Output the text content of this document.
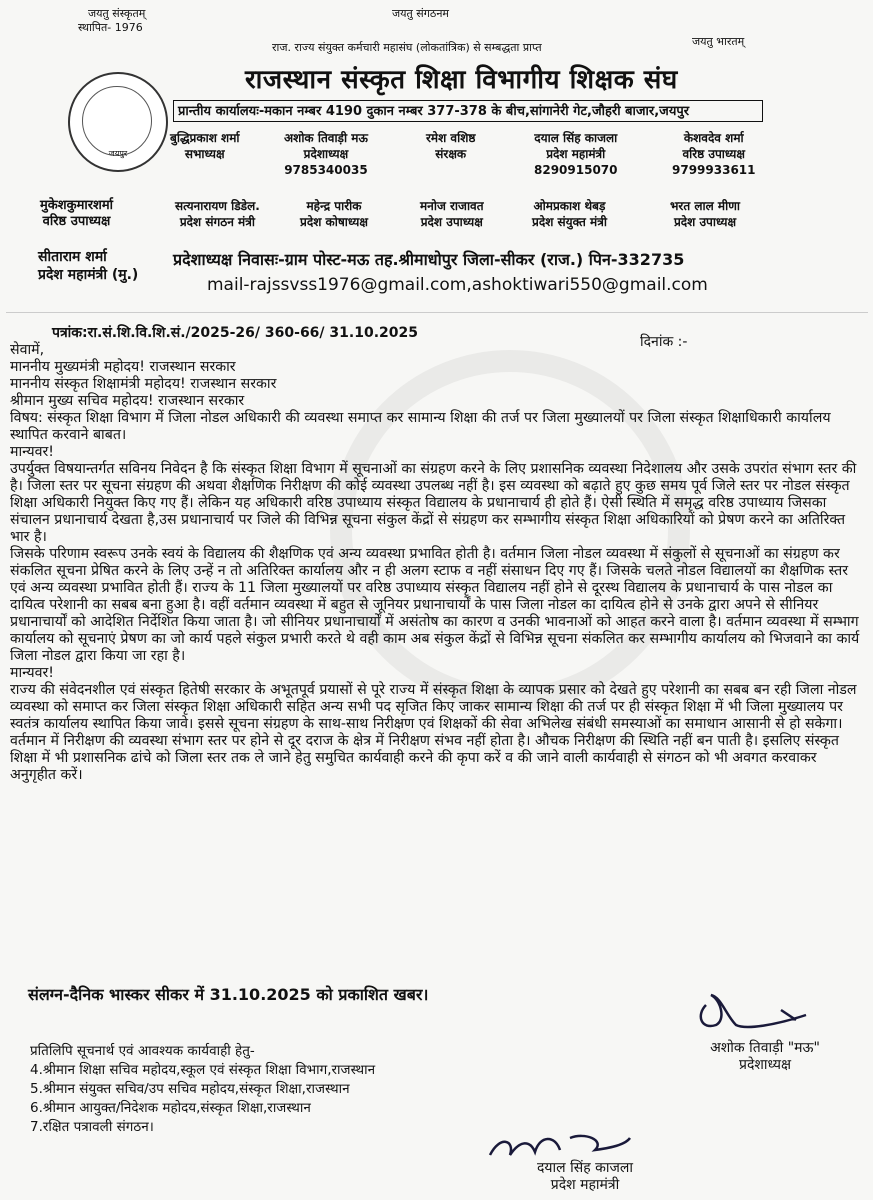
जयतु संस्कृतम्
स्थापित- 1976
जयतु संगठनम
जयतु भारतम्
राज. राज्य संयुक्त कर्मचारी महासंघ (लोकतांत्रिक) से सम्बद्धता प्राप्त
जयपुर
राजस्थान संस्कृत शिक्षा विभागीय शिक्षक संघ
प्रान्तीय कार्यालयः-मकान नम्बर 4190 दुकान नम्बर 377-378 के बीच,सांगानेरी गेट,जौहरी बाजार,जयपुर
बुद्धिप्रकाश शर्मा
सभाध्यक्ष
अशोक तिवाड़ी मऊ
प्रदेशाध्यक्ष
9785340035
रमेश वशिष्ठ
संरक्षक
दयाल सिंह काजला
प्रदेश महामंत्री
8290915070
केशवदेव शर्मा
वरिष्ठ उपाध्यक्ष
9799933611
मुकेशकुमारशर्मा
वरिष्ठ उपाध्यक्ष
सत्यनारायण डिडेल.
प्रदेश संगठन मंत्री
महेन्द्र पारीक
प्रदेश कोषाध्यक्ष
मनोज राजावत
प्रदेश उपाध्यक्ष
ओमप्रकाश थेबड़
प्रदेश संयुक्त मंत्री
भरत लाल मीणा
प्रदेश उपाध्यक्ष
सीताराम शर्मा
प्रदेश महामंत्री (मु.)
प्रदेशाध्यक्ष निवासः-ग्राम पोस्ट-मऊ तह.श्रीमाधोपुर जिला-सीकर (राज.) पिन-332735
mail-rajssvss1976@gmail.com,ashoktiwari550@gmail.com
पत्रांक:रा.सं.शि.वि.शि.सं./2025-26/ 360-66/ 31.10.2025
दिनांक :-

सेवामें,

माननीय मुख्यमंत्री महोदय! राजस्थान सरकार

माननीय संस्कृत शिक्षामंत्री महोदय! राजस्थान सरकार

श्रीमान मुख्य सचिव महोदय! राजस्थान सरकार

विषय: संस्कृत शिक्षा विभाग में जिला नोडल अधिकारी की व्यवस्था समाप्त कर सामान्य शिक्षा की तर्ज पर जिला मुख्यालयों पर जिला संस्कृत शिक्षाधिकारी कार्यालय स्थापित करवाने बाबत।

मान्यवर!

उपर्युक्त विषयान्तर्गत सविनय निवेदन है कि संस्कृत शिक्षा विभाग में सूचनाओं का संग्रहण करने के लिए प्रशासनिक व्यवस्था निदेशालय और उसके उपरांत संभाग स्तर की है। जिला स्तर पर सूचना संग्रहण की अथवा शैक्षणिक निरीक्षण की कोई व्यवस्था उपलब्ध नहीं है। इस व्यवस्था को बढ़ाते हुए कुछ समय पूर्व जिले स्तर पर नोडल संस्कृत शिक्षा अधिकारी नियुक्त किए गए हैं। लेकिन यह अधिकारी वरिष्ठ उपाध्याय संस्कृत विद्यालय के प्रधानाचार्य ही होते हैं। ऐसी स्थिति में समृद्ध वरिष्ठ उपाध्याय जिसका संचालन प्रधानाचार्य देखता है,उस प्रधानाचार्य पर जिले की विभिन्न सूचना संकुल केंद्रों से संग्रहण कर सम्भागीय संस्कृत शिक्षा अधिकारियों को प्रेषण करने का अतिरिक्त भार है।

जिसके परिणाम स्वरूप उनके स्वयं के विद्यालय की शैक्षणिक एवं अन्य व्यवस्था प्रभावित होती है। वर्तमान जिला नोडल व्यवस्था में संकुलों से सूचनाओं का संग्रहण कर संकलित सूचना प्रेषित करने के लिए उन्हें न तो अतिरिक्त कार्यालय और न ही अलग स्टाफ व नहीं संसाधन दिए गए हैं। जिसके चलते नोडल विद्यालयों का शैक्षणिक स्तर एवं अन्य व्यवस्था प्रभावित होती हैं। राज्य के 11 जिला मुख्यालयों पर वरिष्ठ उपाध्याय संस्कृत विद्यालय नहीं होने से दूरस्थ विद्यालय के प्रधानाचार्य के पास नोडल का दायित्व परेशानी का सबब बना हुआ है। वहीं वर्तमान व्यवस्था में बहुत से जूनियर प्रधानाचार्यों के पास जिला नोडल का दायित्व होने से उनके द्वारा अपने से सीनियर प्रधानाचार्यों को आदेशित निर्देशित किया जाता है। जो सीनियर प्रधानाचार्यों में असंतोष का कारण व उनकी भावनाओं को आहत करने वाला है। वर्तमान व्यवस्था में सम्भाग कार्यालय को सूचनाएं प्रेषण का जो कार्य पहले संकुल प्रभारी करते थे वही काम अब संकुल केंद्रों से विभिन्न सूचना संकलित कर सम्भागीय कार्यालय को भिजवाने का कार्य जिला नोडल द्वारा किया जा रहा है।

मान्यवर!

राज्य की संवेदनशील एवं संस्कृत हितेषी सरकार के अभूतपूर्व प्रयासों से पूरे राज्य में संस्कृत शिक्षा के व्यापक प्रसार को देखते हुए परेशानी का सबब बन रही जिला नोडल व्यवस्था को समाप्त कर जिला संस्कृत शिक्षा अधिकारी सहित अन्य सभी पद सृजित किए जाकर सामान्य शिक्षा की तर्ज पर ही संस्कृत शिक्षा में भी जिला मुख्यालय पर स्वतंत्र कार्यालय स्थापित किया जावे। इससे सूचना संग्रहण के साथ-साथ निरीक्षण एवं शिक्षकों की सेवा अभिलेख संबंधी समस्याओं का समाधान आसानी से हो सकेगा। वर्तमान में निरीक्षण की व्यवस्था संभाग स्तर पर होने से दूर दराज के क्षेत्र में निरीक्षण संभव नहीं होता है। औचक निरीक्षण की स्थिति नहीं बन पाती है। इसलिए संस्कृत शिक्षा में भी प्रशासनिक ढांचे को जिला स्तर तक ले जाने हेतु समुचित कार्यवाही करने की कृपा करें व की जाने वाली कार्यवाही से संगठन को भी अवगत करवाकर अनुगृहीत करें।

संलग्न-दैनिक भास्कर सीकर में 31.10.2025 को प्रकाशित खबर।
अशोक तिवाड़ी "मऊ"
प्रदेशाध्यक्ष
प्रतिलिपि सूचनार्थ एवं आवश्यक कार्यवाही हेतु-
4.श्रीमान शिक्षा सचिव महोदय,स्कूल एवं संस्कृत शिक्षा विभाग,राजस्थान
5.श्रीमान संयुक्त सचिव/उप सचिव महोदय,संस्कृत शिक्षा,राजस्थान
6.श्रीमान आयुक्त/निदेशक महोदय,संस्कृत शिक्षा,राजस्थान
7.रक्षित पत्रावली संगठन।
दयाल सिंह काजला
प्रदेश महामंत्री
